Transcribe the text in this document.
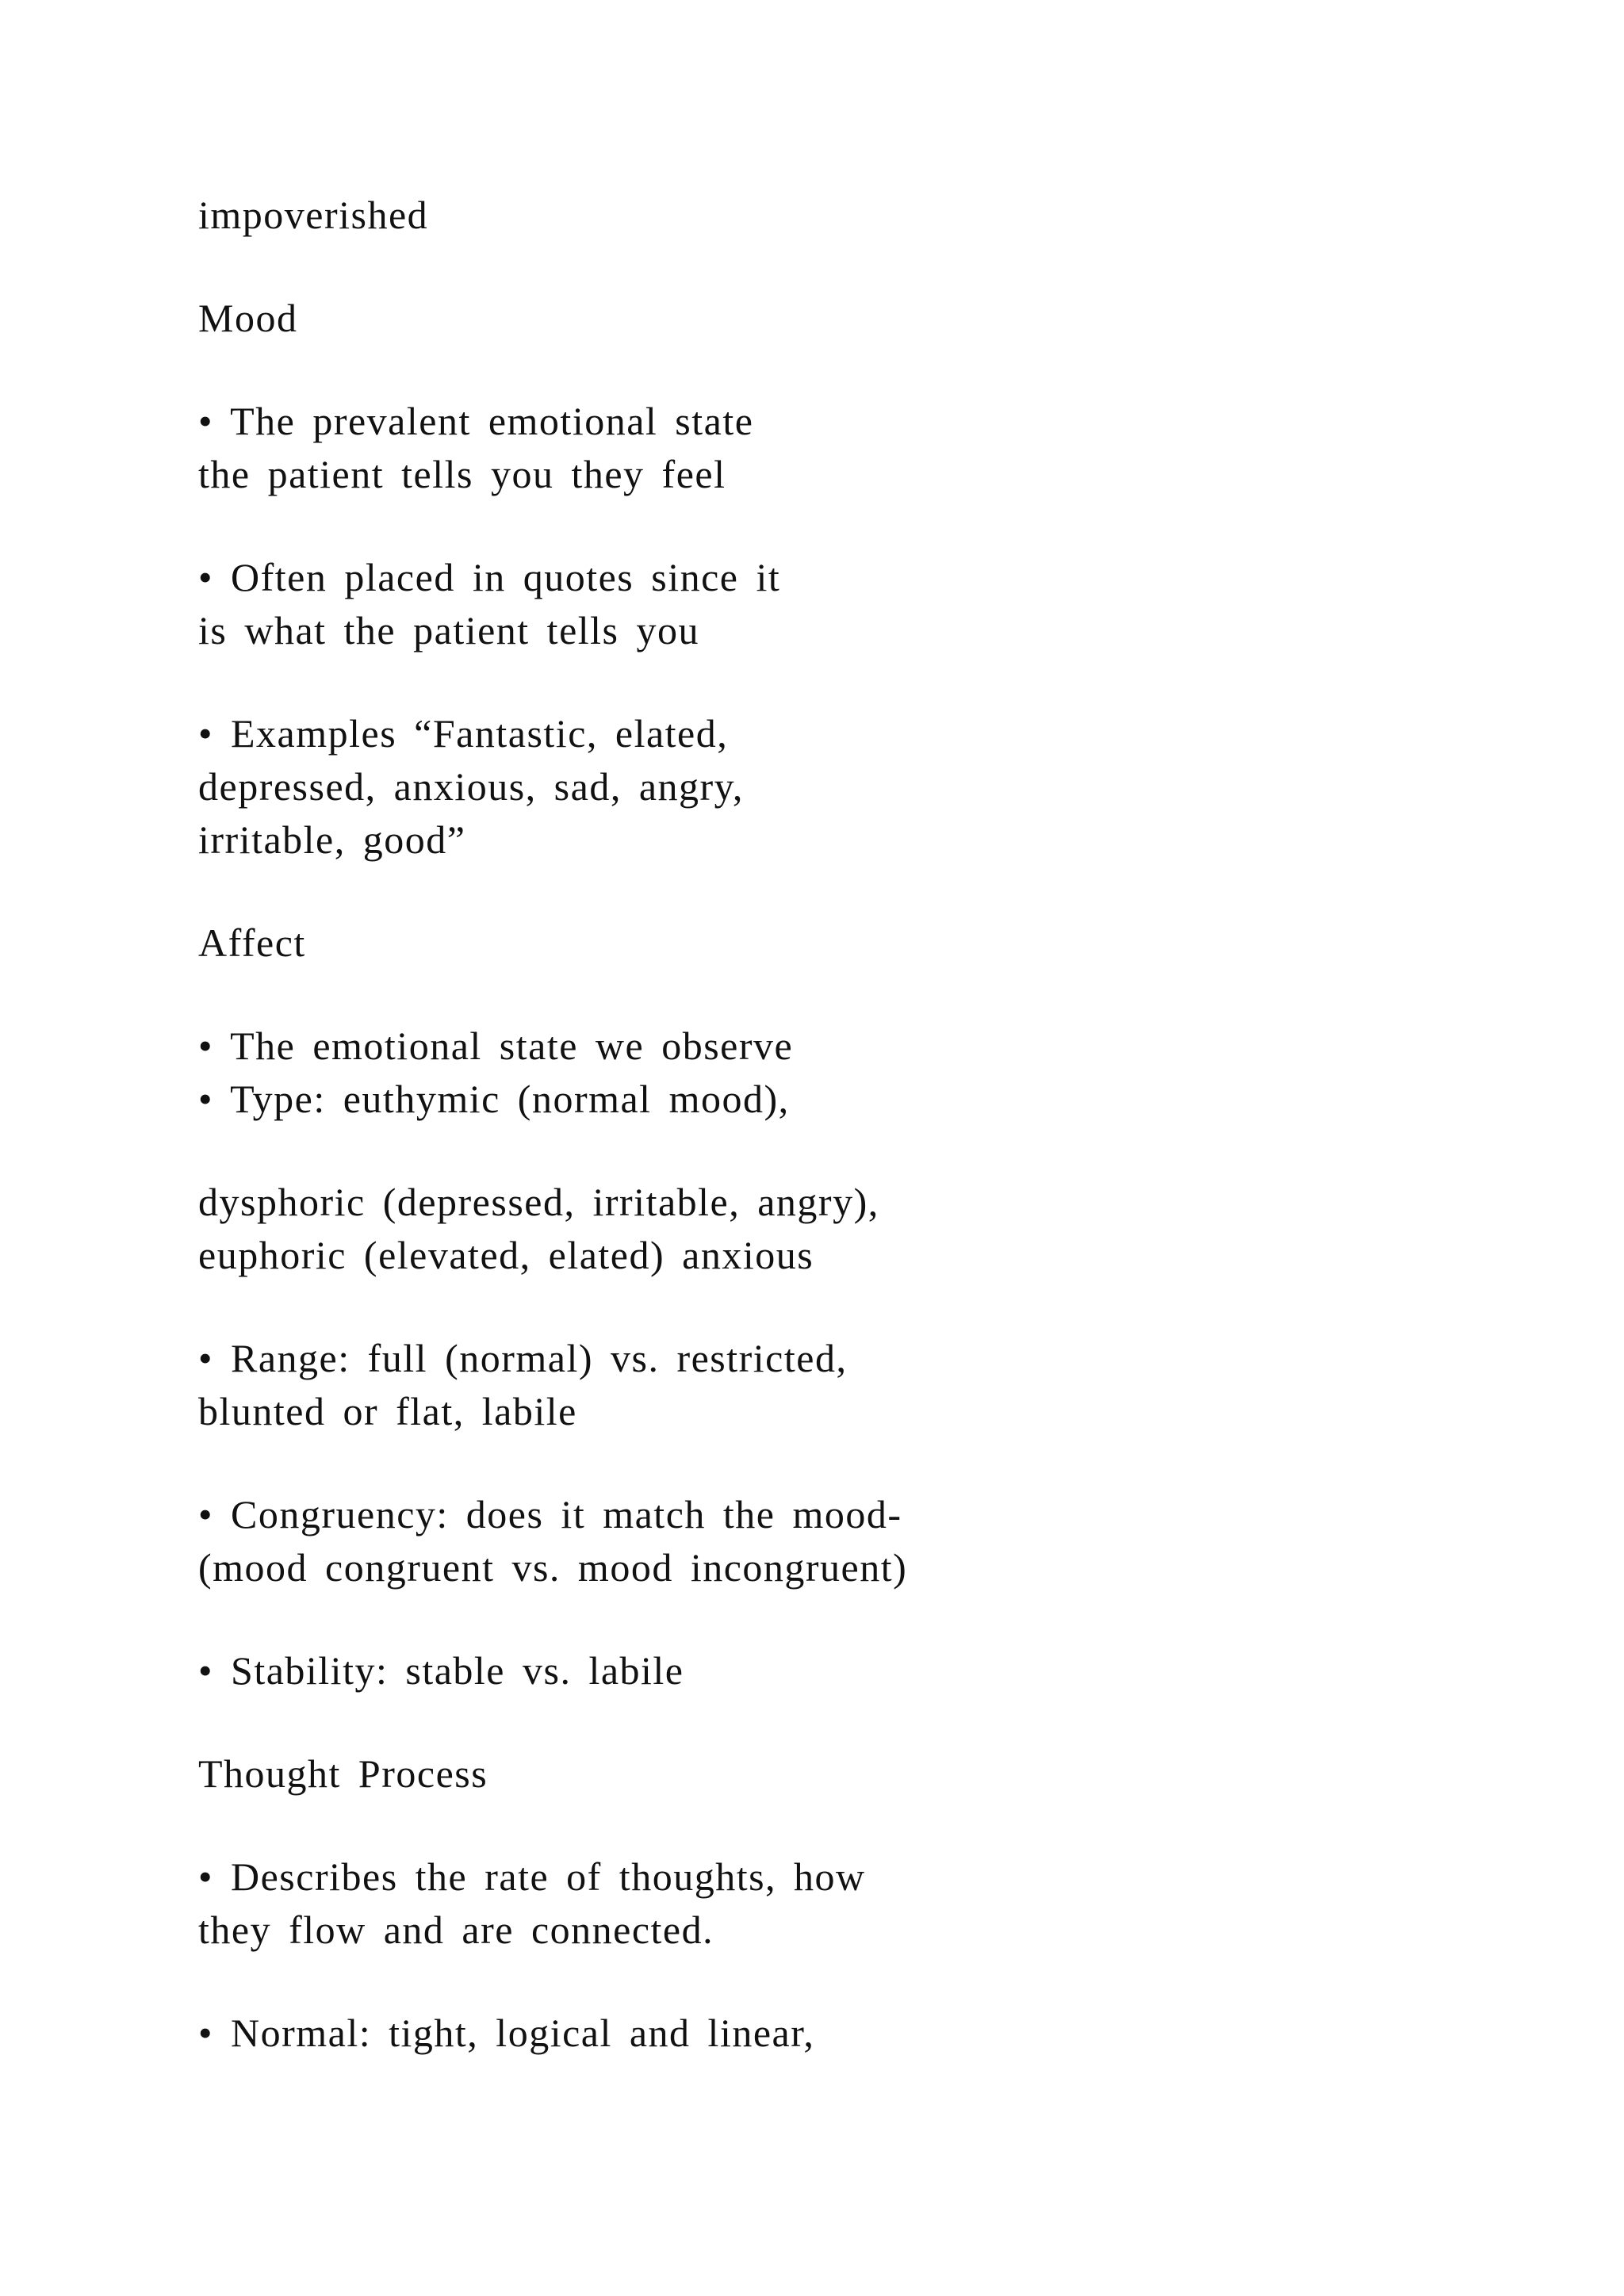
impoverished
Mood
• The prevalent emotional state
the patient tells you they feel
• Often placed in quotes since it
is what the patient tells you
• Examples “Fantastic, elated,
depressed, anxious, sad, angry,
irritable, good”
Affect
• The emotional state we observe
• Type: euthymic (normal mood),
dysphoric (depressed, irritable, angry),
euphoric (elevated, elated) anxious
• Range: full (normal) vs. restricted,
blunted or flat, labile
• Congruency: does it match the mood-
(mood congruent vs. mood incongruent)
• Stability: stable vs. labile
Thought Process
• Describes the rate of thoughts, how
they flow and are connected.
• Normal: tight, logical and linear,
